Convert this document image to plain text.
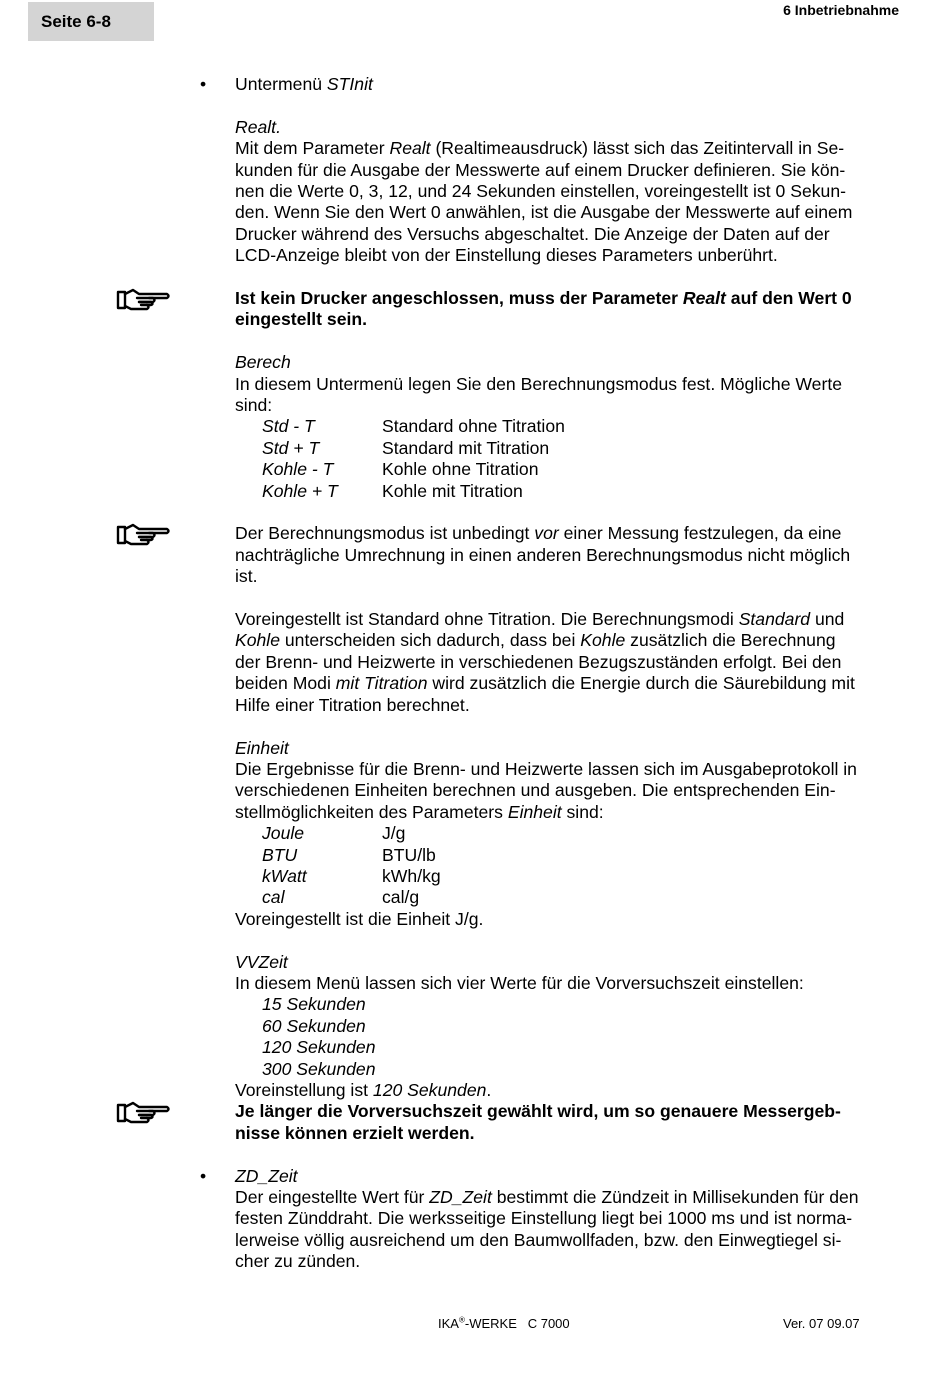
Seite 6-8
6 Inbetriebnahme

• Untermenü STInit

Realt.

Mit dem Parameter Realt (Realtimeausdruck) lässt sich das Zeitintervall in Se-

kunden für die Ausgabe der Messwerte auf einem Drucker definieren. Sie kön-

nen die Werte 0, 3, 12, und 24 Sekunden einstellen, voreingestellt ist 0 Sekun-

den. Wenn Sie den Wert 0 anwählen, ist die Ausgabe der Messwerte auf einem

Drucker während des Versuchs abgeschaltet. Die Anzeige der Daten auf der

LCD-Anzeige bleibt von der Einstellung dieses Parameters unberührt.

Ist kein Drucker angeschlossen, muss der Parameter Realt auf den Wert 0

eingestellt sein.

Berech

In diesem Untermenü legen Sie den Berechnungsmodus fest. Mögliche Werte

sind:

Std - T	Standard ohne Titration
Std + T	Standard mit Titration
Kohle - T	Kohle ohne Titration
Kohle + T	Kohle mit Titration

Der Berechnungsmodus ist unbedingt vor einer Messung festzulegen, da eine

nachträgliche Umrechnung in einen anderen Berechnungsmodus nicht möglich

ist.

Voreingestellt ist Standard ohne Titration. Die Berechnungsmodi Standard und

Kohle unterscheiden sich dadurch, dass bei Kohle zusätzlich die Berechnung

der Brenn- und Heizwerte in verschiedenen Bezugszuständen erfolgt. Bei den

beiden Modi mit Titration wird zusätzlich die Energie durch die Säurebildung mit

Hilfe einer Titration berechnet.

Einheit

Die Ergebnisse für die Brenn- und Heizwerte lassen sich im Ausgabeprotokoll in

verschiedenen Einheiten berechnen und ausgeben. Die entsprechenden Ein-

stellmöglichkeiten des Parameters Einheit sind:

Joule	J/g
BTU	BTU/lb
kWatt	kWh/kg
cal	cal/g

Voreingestellt ist die Einheit J/g.

VVZeit

In diesem Menü lassen sich vier Werte für die Vorversuchszeit einstellen:

15 Sekunden

60 Sekunden

120 Sekunden

300 Sekunden

Voreinstellung ist 120 Sekunden.

Je länger die Vorversuchszeit gewählt wird, um so genauere Messergeb-

nisse können erzielt werden.

• ZD_Zeit

Der eingestellte Wert für ZD_Zeit bestimmt die Zündzeit in Millisekunden für den

festen Zünddraht. Die werksseitige Einstellung liegt bei 1000 ms und ist norma-

lerweise völlig ausreichend um den Baumwollfaden, bzw. den Einwegtiegel si-

cher zu zünden.

IKA®-WERKE   C 7000	Ver. 07 09.07
